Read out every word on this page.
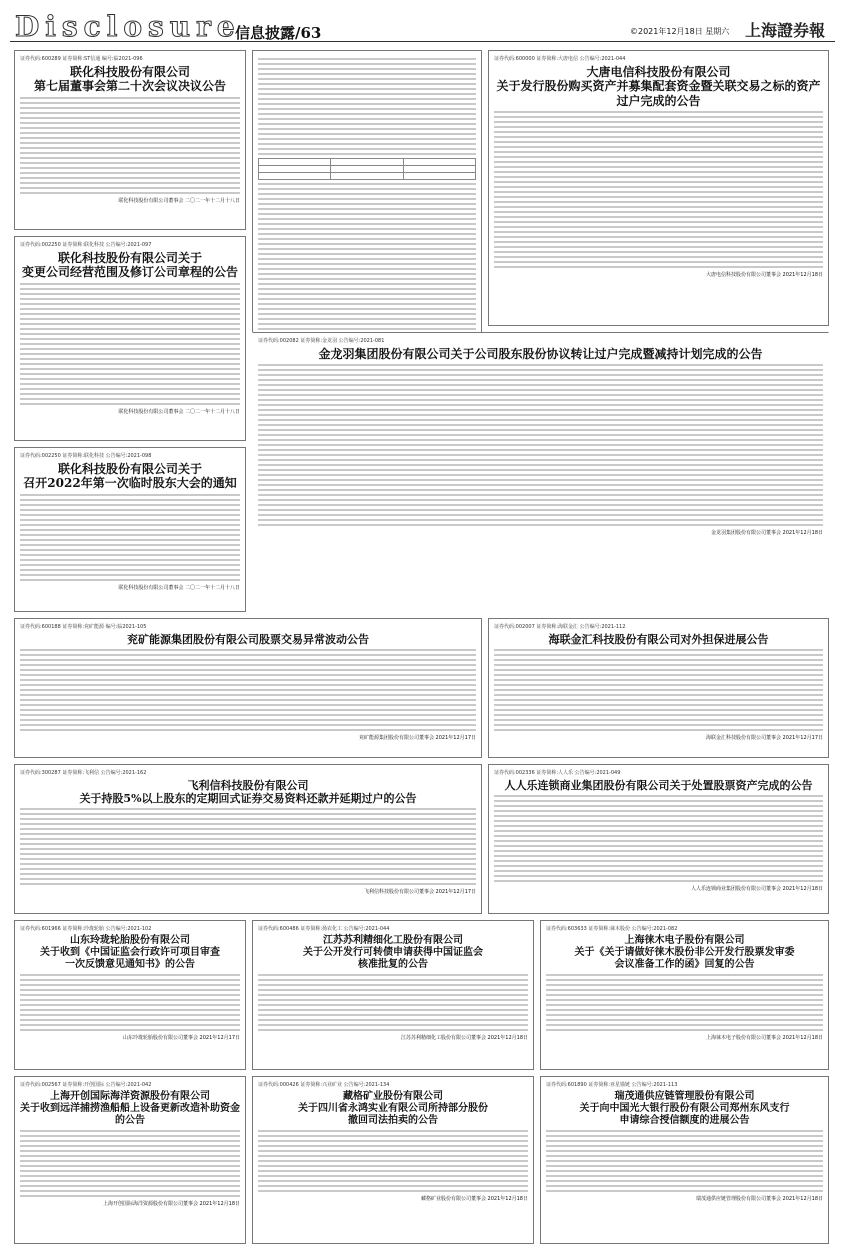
Disclosure
信息披露/63	©2021年12月18日 星期六 上海證券報
证券代码:600289 证券简称:ST信通 编号:临2021-096
联化科技股份有限公司
第七届董事会第二十次会议决议公告
联化科技股份有限公司董事会 二〇二一年十二月十八日
证券代码:002250 证券简称:联化科技 公告编号:2021-097
联化科技股份有限公司关于
变更公司经营范围及修订公司章程的公告
联化科技股份有限公司董事会 二〇二一年十二月十八日
证券代码:002250 证券简称:联化科技 公告编号:2021-098
联化科技股份有限公司关于
召开2022年第一次临时股东大会的通知
联化科技股份有限公司董事会 二〇二一年十二月十八日

证券代码:600000 证券简称:大唐电信 公告编号:2021-044
大唐电信科技股份有限公司
关于发行股份购买资产并募集配套资金暨关联交易之标的资产过户完成的公告
大唐电信科技股份有限公司董事会 2021年12月18日
证券代码:002082 证券简称:金龙羽 公告编号:2021-081
金龙羽集团股份有限公司关于公司股东股份协议转让过户完成暨减持计划完成的公告
金龙羽集团股份有限公司董事会 2021年12月18日
证券代码:600188 证券简称:兖矿能源 编号:临2021-105
兖矿能源集团股份有限公司股票交易异常波动公告
兖矿能源集团股份有限公司董事会 2021年12月17日
证券代码:002007 证券简称:海联金汇 公告编号:2021-112
海联金汇科技股份有限公司对外担保进展公告
海联金汇科技股份有限公司董事会 2021年12月17日
证券代码:300287 证券简称:飞利信 公告编号:2021-162
飞利信科技股份有限公司
关于持股5%以上股东的定期回式证券交易资料还款并延期过户的公告
飞利信科技股份有限公司董事会 2021年12月17日
证券代码:002336 证券简称:人人乐 公告编号:2021-049
人人乐连锁商业集团股份有限公司关于处置股票资产完成的公告
人人乐连锁商业集团股份有限公司董事会 2021年12月18日
证券代码:601966 证券简称:玲珑轮胎 公告编号:2021-102
山东玲珑轮胎股份有限公司
关于收到《中国证监会行政许可项目审查
一次反馈意见通知书》的公告
山东玲珑轮胎股份有限公司董事会 2021年12月17日
证券代码:600486 证券简称:扬农化工 公告编号:2021-044
江苏苏利精细化工股份有限公司
关于公开发行可转债申请获得中国证监会
核准批复的公告
江苏苏利精细化工股份有限公司董事会 2021年12月18日
证券代码:603633 证券简称:徕木股份 公告编号:2021-082
上海徕木电子股份有限公司
关于《关于请做好徕木股份非公开发行股票发审委
会议准备工作的函》回复的公告
上海徕木电子股份有限公司董事会 2021年12月18日
证券代码:002567 证券简称:开创国际 公告编号:2021-042
上海开创国际海洋资源股份有限公司
关于收到远洋捕捞渔船船上设备更新改造补助资金的公告
上海开创国际海洋资源股份有限公司董事会 2021年12月18日
证券代码:000426 证券简称:兴业矿业 公告编号:2021-134
藏格矿业股份有限公司
关于四川省永鸿实业有限公司所持部分股份
撤回司法拍卖的公告
藏格矿业股份有限公司董事会 2021年12月18日
证券代码:601890 证券简称:亚星锚链 公告编号:2021-113
瑞茂通供应链管理股份有限公司
关于向中国光大银行股份有限公司郑州东风支行
申请综合授信额度的进展公告
瑞茂通供应链管理股份有限公司董事会 2021年12月18日
